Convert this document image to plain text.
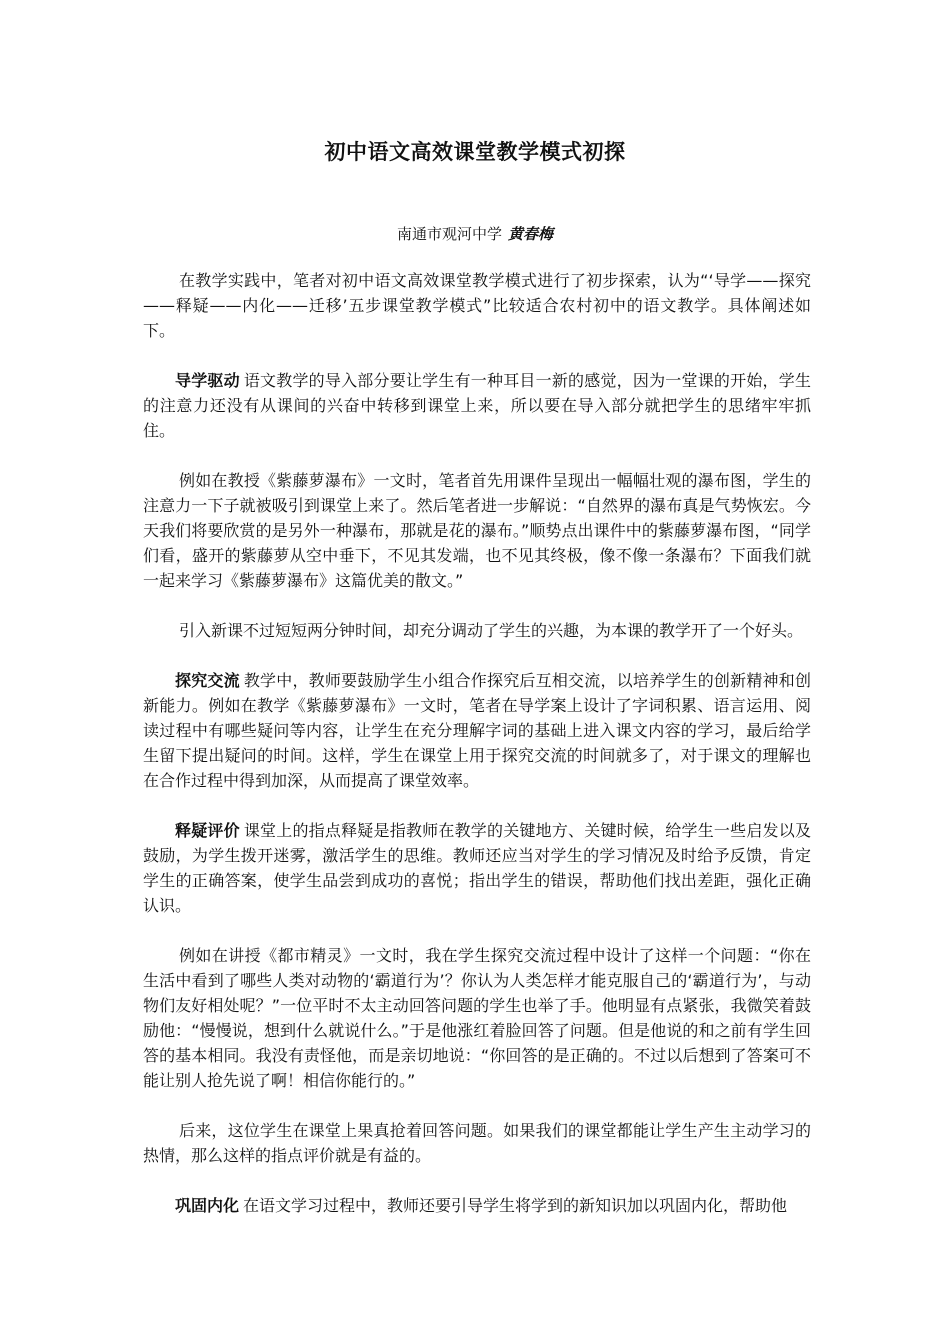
初中语文高效课堂教学模式初探
南通市观河中学 黄春梅

在教学实践中，笔者对初中语文高效课堂教学模式进行了初步探索，认为“‘导学——探究——释疑——内化——迁移’五步课堂教学模式”比较适合农村初中的语文教学。具体阐述如下。

导学驱动 语文教学的导入部分要让学生有一种耳目一新的感觉，因为一堂课的开始，学生的注意力还没有从课间的兴奋中转移到课堂上来，所以要在导入部分就把学生的思绪牢牢抓住。

例如在教授《紫藤萝瀑布》一文时，笔者首先用课件呈现出一幅幅壮观的瀑布图，学生的注意力一下子就被吸引到课堂上来了。然后笔者进一步解说：“自然界的瀑布真是气势恢宏。今天我们将要欣赏的是另外一种瀑布，那就是花的瀑布。”顺势点出课件中的紫藤萝瀑布图，“同学们看，盛开的紫藤萝从空中垂下，不见其发端，也不见其终极，像不像一条瀑布？下面我们就一起来学习《紫藤萝瀑布》这篇优美的散文。”

引入新课不过短短两分钟时间，却充分调动了学生的兴趣，为本课的教学开了一个好头。

探究交流 教学中，教师要鼓励学生小组合作探究后互相交流，以培养学生的创新精神和创新能力。例如在教学《紫藤萝瀑布》一文时，笔者在导学案上设计了字词积累、语言运用、阅读过程中有哪些疑问等内容，让学生在充分理解字词的基础上进入课文内容的学习，最后给学生留下提出疑问的时间。这样，学生在课堂上用于探究交流的时间就多了，对于课文的理解也在合作过程中得到加深，从而提高了课堂效率。

释疑评价 课堂上的指点释疑是指教师在教学的关键地方、关键时候，给学生一些启发以及鼓励，为学生拨开迷雾，激活学生的思维。教师还应当对学生的学习情况及时给予反馈，肯定学生的正确答案，使学生品尝到成功的喜悦；指出学生的错误，帮助他们找出差距，强化正确认识。

例如在讲授《都市精灵》一文时，我在学生探究交流过程中设计了这样一个问题：“你在生活中看到了哪些人类对动物的‘霸道行为’？你认为人类怎样才能克服自己的‘霸道行为’，与动物们友好相处呢？”一位平时不太主动回答问题的学生也举了手。他明显有点紧张，我微笑着鼓励他：“慢慢说，想到什么就说什么。”于是他涨红着脸回答了问题。但是他说的和之前有学生回答的基本相同。我没有责怪他，而是亲切地说：“你回答的是正确的。不过以后想到了答案可不能让别人抢先说了啊！相信你能行的。”

后来，这位学生在课堂上果真抢着回答问题。如果我们的课堂都能让学生产生主动学习的热情，那么这样的指点评价就是有益的。

巩固内化 在语文学习过程中，教师还要引导学生将学到的新知识加以巩固内化，帮助他
